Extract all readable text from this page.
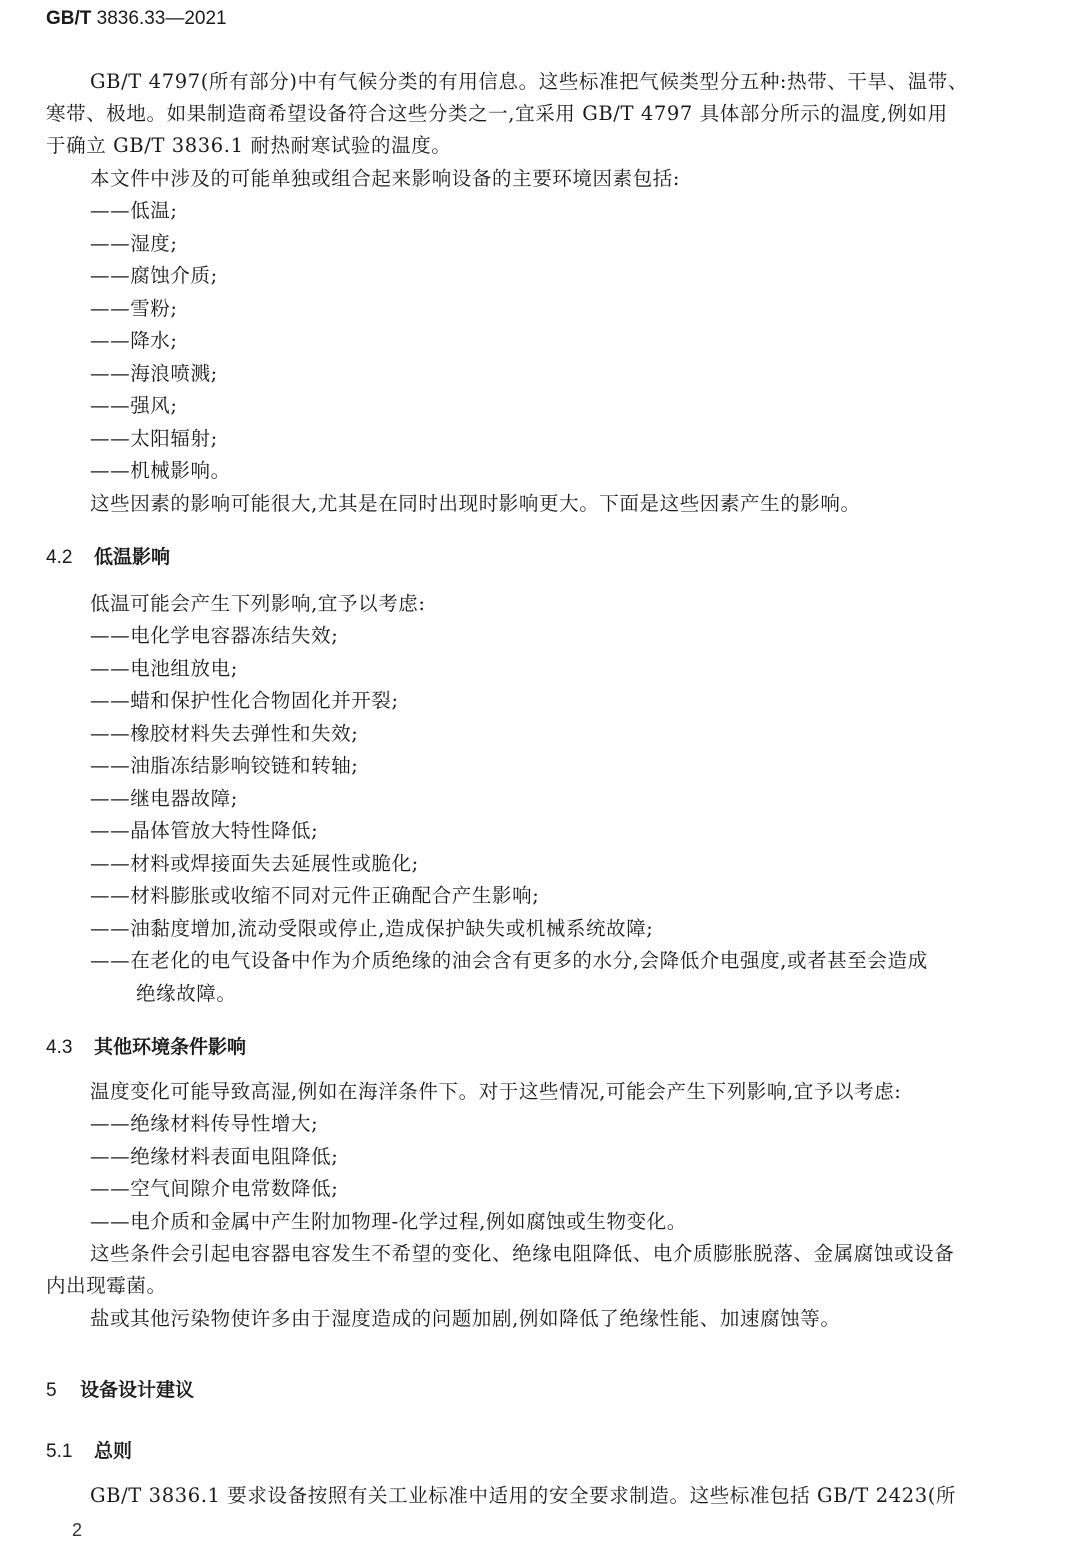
GB/T 3836.33—2021
GB/T 4797(所有部分)中有气候分类的有用信息。这些标准把气候类型分五种:热带、干旱、温带、
寒带、极地。如果制造商希望设备符合这些分类之一,宜采用 GB/T 4797 具体部分所示的温度,例如用
于确立 GB/T 3836.1 耐热耐寒试验的温度。
本文件中涉及的可能单独或组合起来影响设备的主要环境因素包括:
——低温;
——湿度;
——腐蚀介质;
——雪粉;
——降水;
——海浪喷溅;
——强风;
——太阳辐射;
——机械影响。
这些因素的影响可能很大,尤其是在同时出现时影响更大。下面是这些因素产生的影响。
4.2 低温影响
低温可能会产生下列影响,宜予以考虑:
——电化学电容器冻结失效;
——电池组放电;
——蜡和保护性化合物固化并开裂;
——橡胶材料失去弹性和失效;
——油脂冻结影响铰链和转轴;
——继电器故障;
——晶体管放大特性降低;
——材料或焊接面失去延展性或脆化;
——材料膨胀或收缩不同对元件正确配合产生影响;
——油黏度增加,流动受限或停止,造成保护缺失或机械系统故障;
——在老化的电气设备中作为介质绝缘的油会含有更多的水分,会降低介电强度,或者甚至会造成
绝缘故障。
4.3 其他环境条件影响
温度变化可能导致高湿,例如在海洋条件下。对于这些情况,可能会产生下列影响,宜予以考虑:
——绝缘材料传导性增大;
——绝缘材料表面电阻降低;
——空气间隙介电常数降低;
——电介质和金属中产生附加物理-化学过程,例如腐蚀或生物变化。
这些条件会引起电容器电容发生不希望的变化、绝缘电阻降低、电介质膨胀脱落、金属腐蚀或设备
内出现霉菌。
盐或其他污染物使许多由于湿度造成的问题加剧,例如降低了绝缘性能、加速腐蚀等。
5 设备设计建议
5.1 总则
GB/T 3836.1 要求设备按照有关工业标准中适用的安全要求制造。这些标准包括 GB/T 2423(所
2
